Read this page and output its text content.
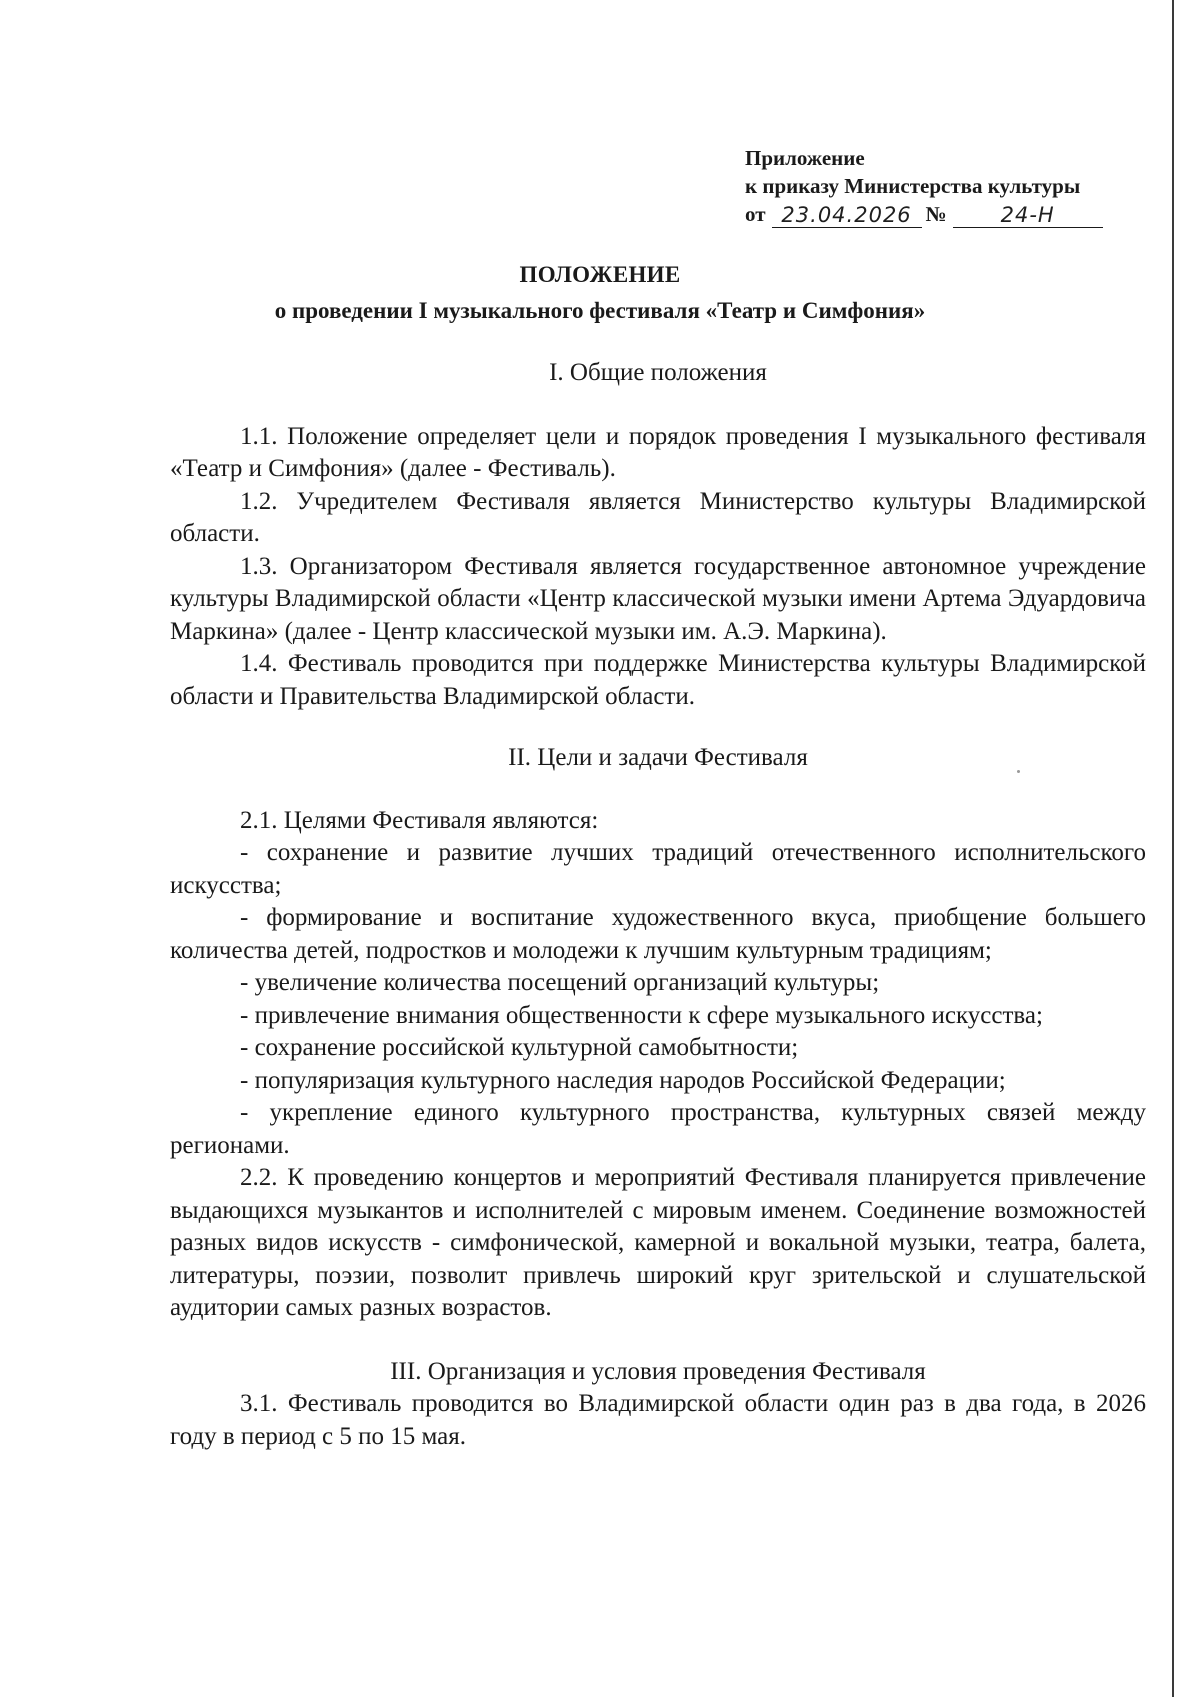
Приложение
к приказу Министерства культуры
от 23.04.2026 №	24-Н
ПОЛОЖЕНИЕ
о проведении I музыкального фестиваля «Театр и Симфония»
I. Общие положения

1.1. Положение определяет цели и порядок проведения I музыкального фестиваля «Театр и Симфония» (далее - Фестиваль).

1.2. Учредителем Фестиваля является Министерство культуры Владимирской области.

1.3. Организатором Фестиваля является государственное автономное учреждение культуры Владимирской области «Центр классической музыки имени Артема Эдуардовича Маркина» (далее - Центр классической музыки им. А.Э. Маркина).

1.4. Фестиваль проводится при поддержке Министерства культуры Владимирской области и Правительства Владимирской области.

II. Цели и задачи Фестиваля

2.1. Целями Фестиваля являются:

- сохранение и развитие лучших традиций отечественного исполнительского искусства;

- формирование и воспитание художественного вкуса, приобщение большего количества детей, подростков и молодежи к лучшим культурным традициям;

- увеличение количества посещений организаций культуры;

- привлечение внимания общественности к сфере музыкального искусства;

- сохранение российской культурной самобытности;

- популяризация культурного наследия народов Российской Федерации;

- укрепление единого культурного пространства, культурных связей между регионами.

2.2. К проведению концертов и мероприятий Фестиваля планируется привлечение выдающихся музыкантов и исполнителей с мировым именем. Соединение возможностей разных видов искусств - симфонической, камерной и вокальной музыки, театра, балета, литературы, поэзии, позволит привлечь широкий круг зрительской и слушательской аудитории самых разных возрастов.

III. Организация и условия проведения Фестиваля

3.1. Фестиваль проводится во Владимирской области один раз в два года, в 2026 году в период с 5 по 15 мая.
